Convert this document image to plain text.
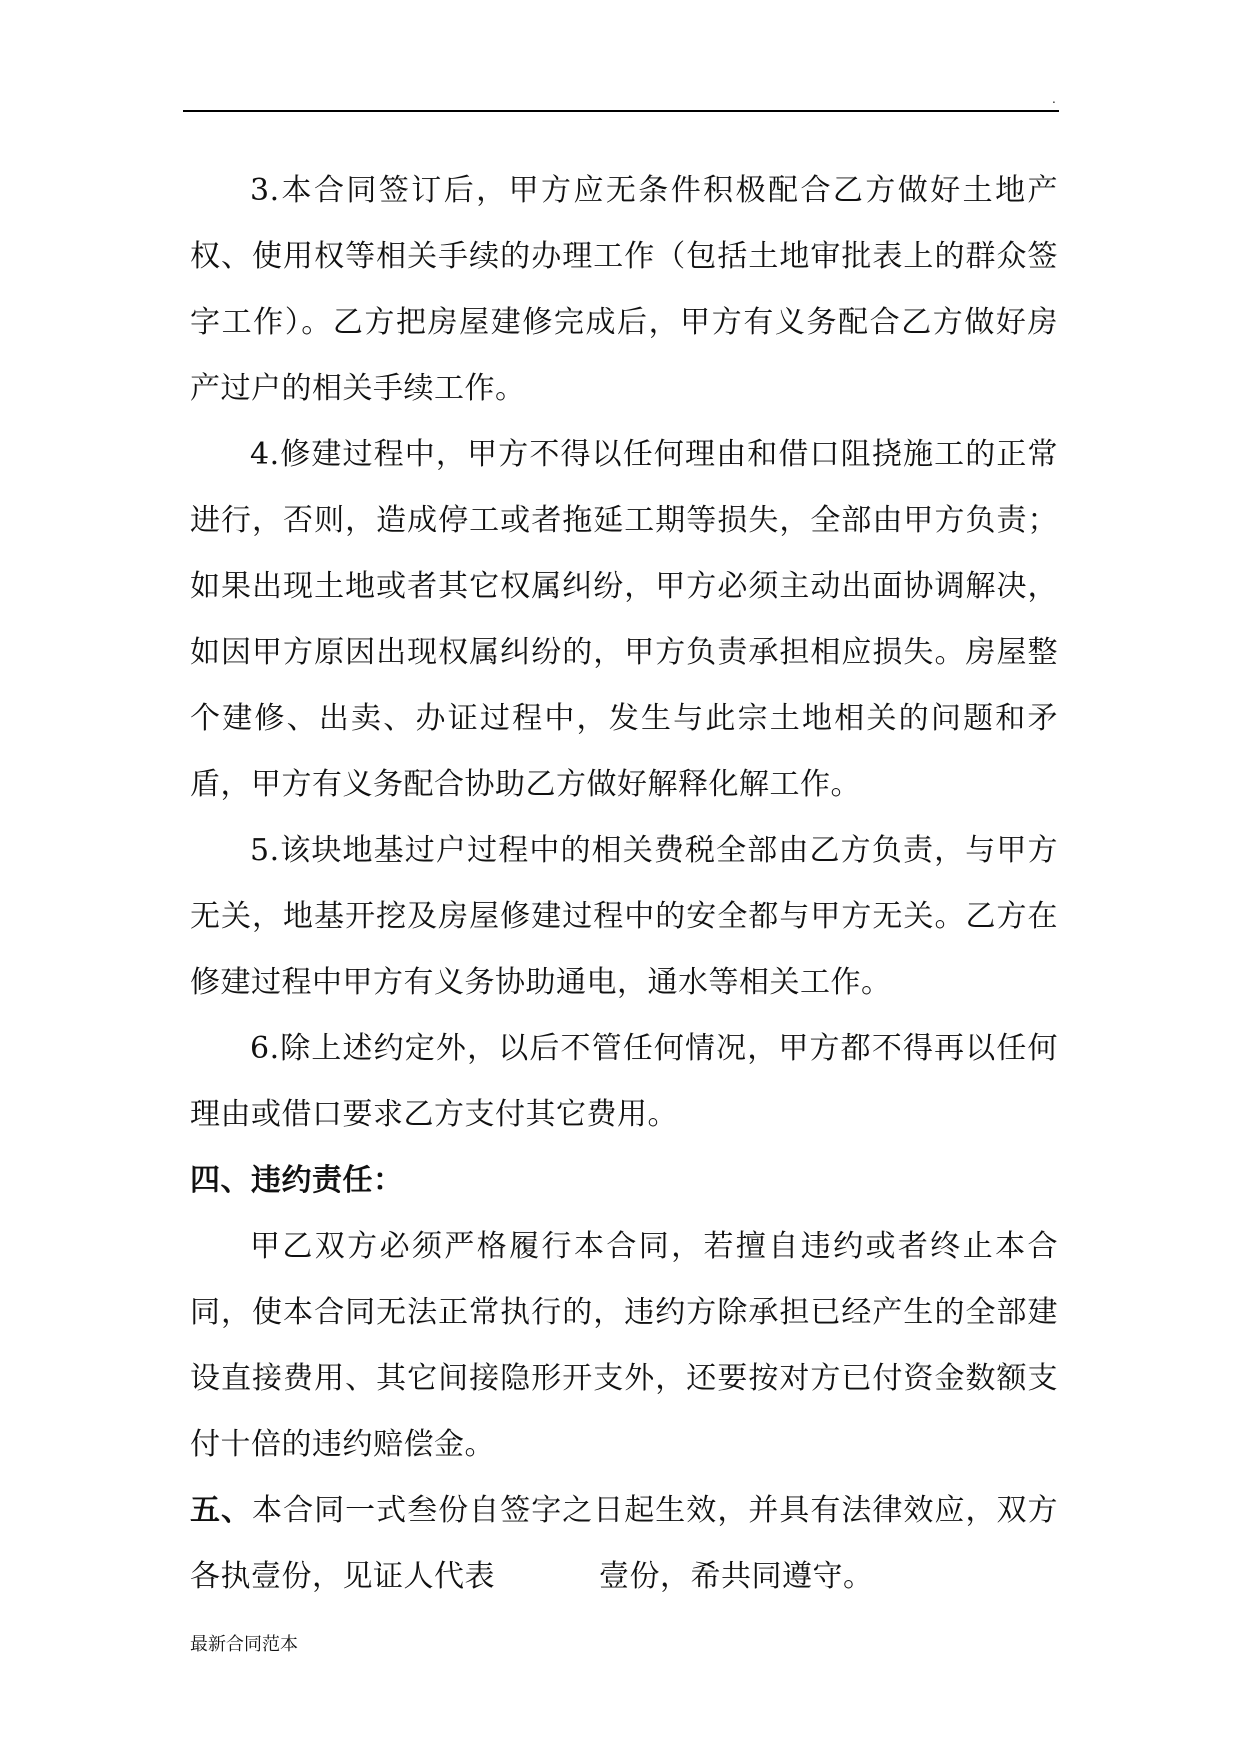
.

3.本合同签订后，甲方应无条件积极配合乙方做好土地产权、使用权等相关手续的办理工作（包括土地审批表上的群众签字工作）。乙方把房屋建修完成后，甲方有义务配合乙方做好房产过户的相关手续工作。

4.修建过程中，甲方不得以任何理由和借口阻挠施工的正常进行，否则，造成停工或者拖延工期等损失，全部由甲方负责；如果出现土地或者其它权属纠纷，甲方必须主动出面协调解决，如因甲方原因出现权属纠纷的，甲方负责承担相应损失。房屋整个建修、出卖、办证过程中，发生与此宗土地相关的问题和矛盾，甲方有义务配合协助乙方做好解释化解工作。

5.该块地基过户过程中的相关费税全部由乙方负责，与甲方无关，地基开挖及房屋修建过程中的安全都与甲方无关。乙方在修建过程中甲方有义务协助通电，通水等相关工作。

6.除上述约定外，以后不管任何情况，甲方都不得再以任何理由或借口要求乙方支付其它费用。

四、违约责任：

甲乙双方必须严格履行本合同，若擅自违约或者终止本合同，使本合同无法正常执行的，违约方除承担已经产生的全部建设直接费用、其它间接隐形开支外，还要按对方已付资金数额支付十倍的违约赔偿金。

五、本合同一式叁份自签字之日起生效，并具有法律效应，双方各执壹份，见证人代表	壹份，希共同遵守。

最新合同范本
